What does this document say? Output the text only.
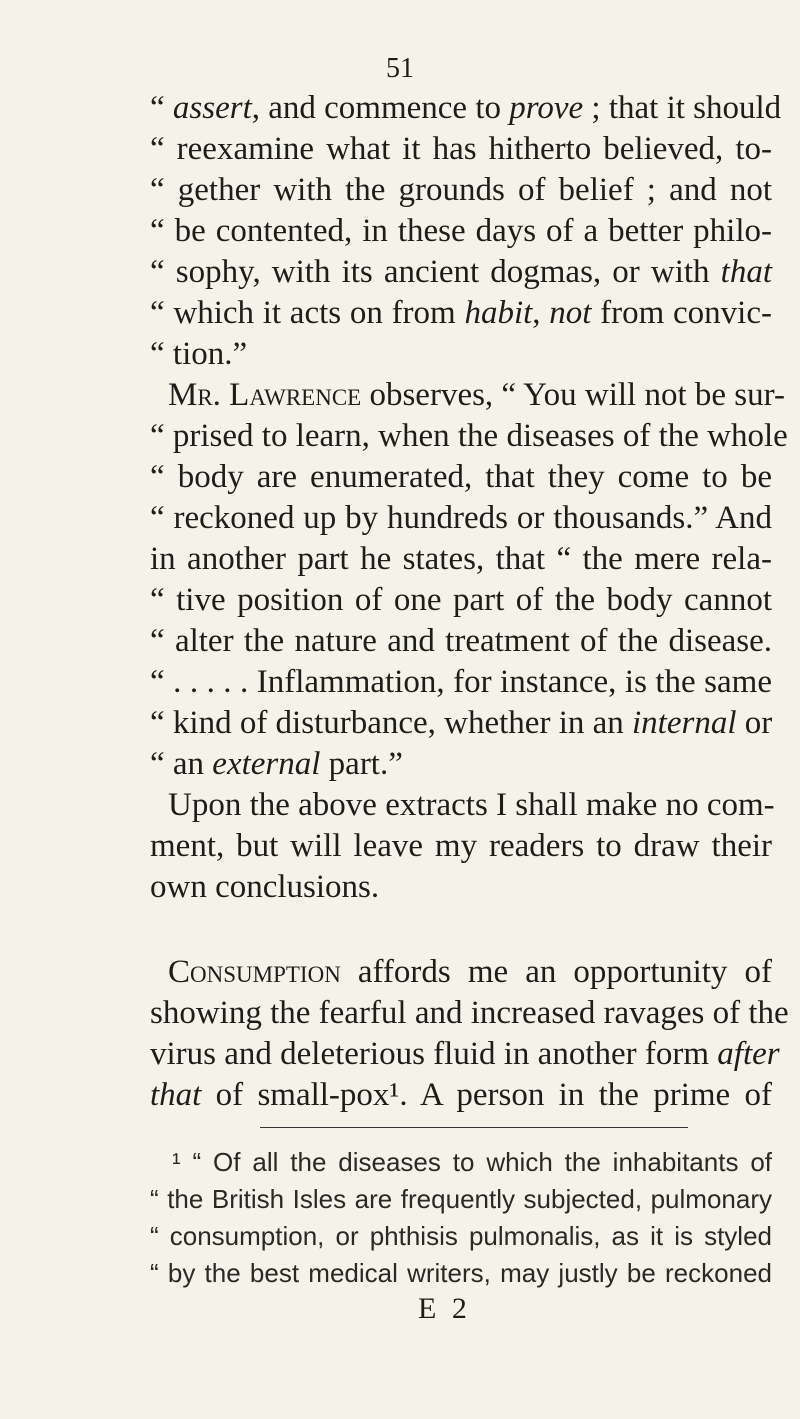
51
“ assert, and commence to prove ; that it should
“ reexamine what it has hitherto believed, to-
“ gether with the grounds of belief ; and not
“ be contented, in these days of a better philo-
“ sophy, with its ancient dogmas, or with that
“ which it acts on from habit, not from convic-
“ tion.”
Mr. Lawrence observes, “ You will not be sur-
“ prised to learn, when the diseases of the whole
“ body are enumerated, that they come to be
“ reckoned up by hundreds or thousands.” And
in another part he states, that “ the mere rela-
“ tive position of one part of the body cannot
“ alter the nature and treatment of the disease.
“ . . . . . Inflammation, for instance, is the same
“ kind of disturbance, whether in an internal or
“ an external part.”
Upon the above extracts I shall make no com-
ment, but will leave my readers to draw their
own conclusions.
Consumption affords me an opportunity of
showing the fearful and increased ravages of the
virus and deleterious fluid in another form after
that of small-pox¹. A person in the prime of
¹ “ Of all the diseases to which the inhabitants of
“ the British Isles are frequently subjected, pulmonary
“ consumption, or phthisis pulmonalis, as it is styled
“ by the best medical writers, may justly be reckoned
E 2
